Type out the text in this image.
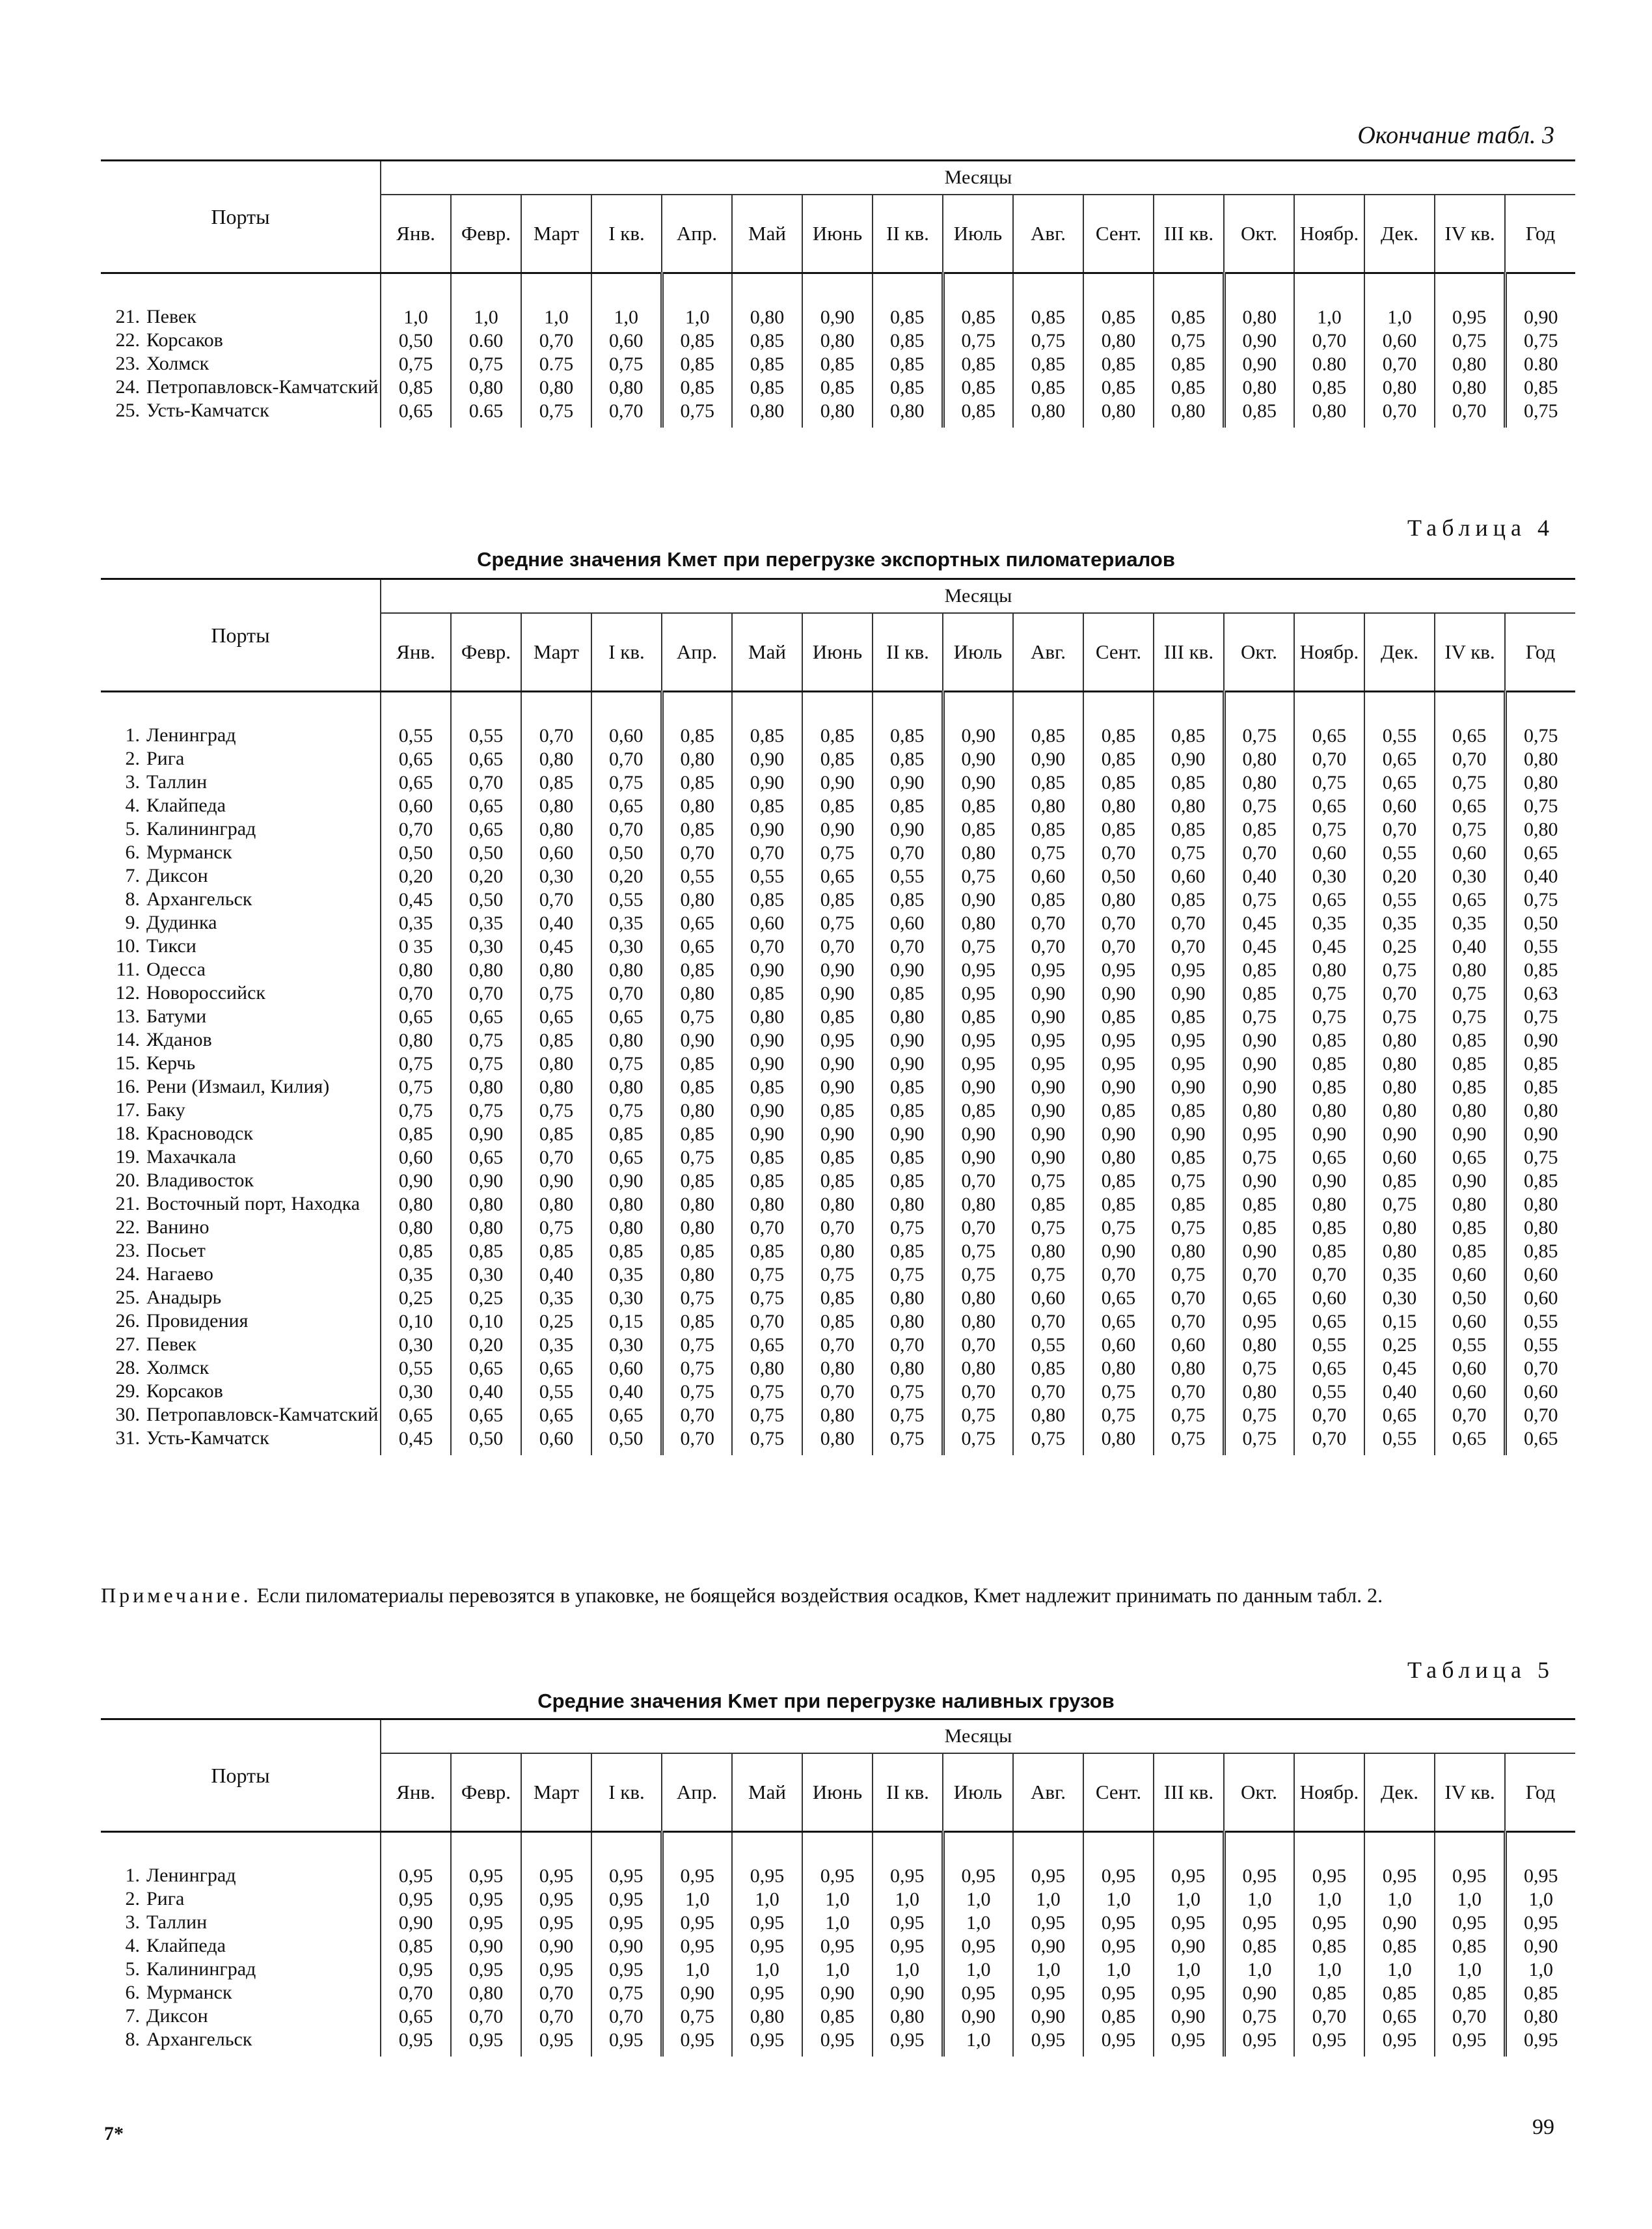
Окончание табл. 3
Порты	Месяцы																
	Янв.	Февр.	Март	I кв.	Апр.	Май	Июнь	II кв.	Июль	Авг.	Сент.	III кв.	Окт.	Ноябр.	Дек.	IV кв.	Год
21. Певек	1,0	1,0	1,0	1,0	1,0	0,80	0,90	0,85	0,85	0,85	0,85	0,85	0,80	1,0	1,0	0,95	0,90
22. Корсаков	0,50	0.60	0,70	0,60	0,85	0,85	0,80	0,85	0,75	0,75	0,80	0,75	0,90	0,70	0,60	0,75	0,75
23. Холмск	0,75	0,75	0.75	0,75	0,85	0,85	0,85	0,85	0,85	0,85	0,85	0,85	0,90	0.80	0,70	0,80	0.80
24. Петропавловск-Камчатский	0,85	0,80	0,80	0,80	0,85	0,85	0,85	0,85	0,85	0,85	0,85	0,85	0,80	0,85	0,80	0,80	0,85
25. Усть-Камчатск	0,65	0.65	0,75	0,70	0,75	0,80	0,80	0,80	0,85	0,80	0,80	0,80	0,85	0,80	0,70	0,70	0,75
Таблица 4
Средние значения Kмет при перегрузке экспортных пиломатериалов
Порты	Месяцы																
	Янв.	Февр.	Март	I кв.	Апр.	Май	Июнь	II кв.	Июль	Авг.	Сент.	III кв.	Окт.	Ноябр.	Дек.	IV кв.	Год
1. Ленинград	0,55	0,55	0,70	0,60	0,85	0,85	0,85	0,85	0,90	0,85	0,85	0,85	0,75	0,65	0,55	0,65	0,75
2. Рига	0,65	0,65	0,80	0,70	0,80	0,90	0,85	0,85	0,90	0,90	0,85	0,90	0,80	0,70	0,65	0,70	0,80
3. Таллин	0,65	0,70	0,85	0,75	0,85	0,90	0,90	0,90	0,90	0,85	0,85	0,85	0,80	0,75	0,65	0,75	0,80
4. Клайпеда	0,60	0,65	0,80	0,65	0,80	0,85	0,85	0,85	0,85	0,80	0,80	0,80	0,75	0,65	0,60	0,65	0,75
5. Калининград	0,70	0,65	0,80	0,70	0,85	0,90	0,90	0,90	0,85	0,85	0,85	0,85	0,85	0,75	0,70	0,75	0,80
6. Мурманск	0,50	0,50	0,60	0,50	0,70	0,70	0,75	0,70	0,80	0,75	0,70	0,75	0,70	0,60	0,55	0,60	0,65
7. Диксон	0,20	0,20	0,30	0,20	0,55	0,55	0,65	0,55	0,75	0,60	0,50	0,60	0,40	0,30	0,20	0,30	0,40
8. Архангельск	0,45	0,50	0,70	0,55	0,80	0,85	0,85	0,85	0,90	0,85	0,80	0,85	0,75	0,65	0,55	0,65	0,75
9. Дудинка	0,35	0,35	0,40	0,35	0,65	0,60	0,75	0,60	0,80	0,70	0,70	0,70	0,45	0,35	0,35	0,35	0,50
10. Тикси	0 35	0,30	0,45	0,30	0,65	0,70	0,70	0,70	0,75	0,70	0,70	0,70	0,45	0,45	0,25	0,40	0,55
11. Одесса	0,80	0,80	0,80	0,80	0,85	0,90	0,90	0,90	0,95	0,95	0,95	0,95	0,85	0,80	0,75	0,80	0,85
12. Новороссийск	0,70	0,70	0,75	0,70	0,80	0,85	0,90	0,85	0,95	0,90	0,90	0,90	0,85	0,75	0,70	0,75	0,63
13. Батуми	0,65	0,65	0,65	0,65	0,75	0,80	0,85	0,80	0,85	0,90	0,85	0,85	0,75	0,75	0,75	0,75	0,75
14. Жданов	0,80	0,75	0,85	0,80	0,90	0,90	0,95	0,90	0,95	0,95	0,95	0,95	0,90	0,85	0,80	0,85	0,90
15. Керчь	0,75	0,75	0,80	0,75	0,85	0,90	0,90	0,90	0,95	0,95	0,95	0,95	0,90	0,85	0,80	0,85	0,85
16. Рени (Измаил, Килия)	0,75	0,80	0,80	0,80	0,85	0,85	0,90	0,85	0,90	0,90	0,90	0,90	0,90	0,85	0,80	0,85	0,85
17. Баку	0,75	0,75	0,75	0,75	0,80	0,90	0,85	0,85	0,85	0,90	0,85	0,85	0,80	0,80	0,80	0,80	0,80
18. Красноводск	0,85	0,90	0,85	0,85	0,85	0,90	0,90	0,90	0,90	0,90	0,90	0,90	0,95	0,90	0,90	0,90	0,90
19. Махачкала	0,60	0,65	0,70	0,65	0,75	0,85	0,85	0,85	0,90	0,90	0,80	0,85	0,75	0,65	0,60	0,65	0,75
20. Владивосток	0,90	0,90	0,90	0,90	0,85	0,85	0,85	0,85	0,70	0,75	0,85	0,75	0,90	0,90	0,85	0,90	0,85
21. Восточный порт, Находка	0,80	0,80	0,80	0,80	0,80	0,80	0,80	0,80	0,80	0,85	0,85	0,85	0,85	0,80	0,75	0,80	0,80
22. Ванино	0,80	0,80	0,75	0,80	0,80	0,70	0,70	0,75	0,70	0,75	0,75	0,75	0,85	0,85	0,80	0,85	0,80
23. Посьет	0,85	0,85	0,85	0,85	0,85	0,85	0,80	0,85	0,75	0,80	0,90	0,80	0,90	0,85	0,80	0,85	0,85
24. Нагаево	0,35	0,30	0,40	0,35	0,80	0,75	0,75	0,75	0,75	0,75	0,70	0,75	0,70	0,70	0,35	0,60	0,60
25. Анадырь	0,25	0,25	0,35	0,30	0,75	0,75	0,85	0,80	0,80	0,60	0,65	0,70	0,65	0,60	0,30	0,50	0,60
26. Провидения	0,10	0,10	0,25	0,15	0,85	0,70	0,85	0,80	0,80	0,70	0,65	0,70	0,95	0,65	0,15	0,60	0,55
27. Певек	0,30	0,20	0,35	0,30	0,75	0,65	0,70	0,70	0,70	0,55	0,60	0,60	0,80	0,55	0,25	0,55	0,55
28. Холмск	0,55	0,65	0,65	0,60	0,75	0,80	0,80	0,80	0,80	0,85	0,80	0,80	0,75	0,65	0,45	0,60	0,70
29. Корсаков	0,30	0,40	0,55	0,40	0,75	0,75	0,70	0,75	0,70	0,70	0,75	0,70	0,80	0,55	0,40	0,60	0,60
30. Петропавловск-Камчатский	0,65	0,65	0,65	0,65	0,70	0,75	0,80	0,75	0,75	0,80	0,75	0,75	0,75	0,70	0,65	0,70	0,70
31. Усть-Камчатск	0,45	0,50	0,60	0,50	0,70	0,75	0,80	0,75	0,75	0,75	0,80	0,75	0,75	0,70	0,55	0,65	0,65
Примечание. Если пиломатериалы перевозятся в упаковке, не боящейся воздействия осадков, Kмет надлежит принимать по данным табл. 2.
Таблица 5
Средние значения Kмет при перегрузке наливных грузов
Порты	Месяцы																
	Янв.	Февр.	Март	I кв.	Апр.	Май	Июнь	II кв.	Июль	Авг.	Сент.	III кв.	Окт.	Ноябр.	Дек.	IV кв.	Год
1. Ленинград	0,95	0,95	0,95	0,95	0,95	0,95	0,95	0,95	0,95	0,95	0,95	0,95	0,95	0,95	0,95	0,95	0,95
2. Рига	0,95	0,95	0,95	0,95	1,0	1,0	1,0	1,0	1,0	1,0	1,0	1,0	1,0	1,0	1,0	1,0	1,0
3. Таллин	0,90	0,95	0,95	0,95	0,95	0,95	1,0	0,95	1,0	0,95	0,95	0,95	0,95	0,95	0,90	0,95	0,95
4. Клайпеда	0,85	0,90	0,90	0,90	0,95	0,95	0,95	0,95	0,95	0,90	0,95	0,90	0,85	0,85	0,85	0,85	0,90
5. Калининград	0,95	0,95	0,95	0,95	1,0	1,0	1,0	1,0	1,0	1,0	1,0	1,0	1,0	1,0	1,0	1,0	1,0
6. Мурманск	0,70	0,80	0,70	0,75	0,90	0,95	0,90	0,90	0,95	0,95	0,95	0,95	0,90	0,85	0,85	0,85	0,85
7. Диксон	0,65	0,70	0,70	0,70	0,75	0,80	0,85	0,80	0,90	0,90	0,85	0,90	0,75	0,70	0,65	0,70	0,80
8. Архангельск	0,95	0,95	0,95	0,95	0,95	0,95	0,95	0,95	1,0	0,95	0,95	0,95	0,95	0,95	0,95	0,95	0,95
7*	99
